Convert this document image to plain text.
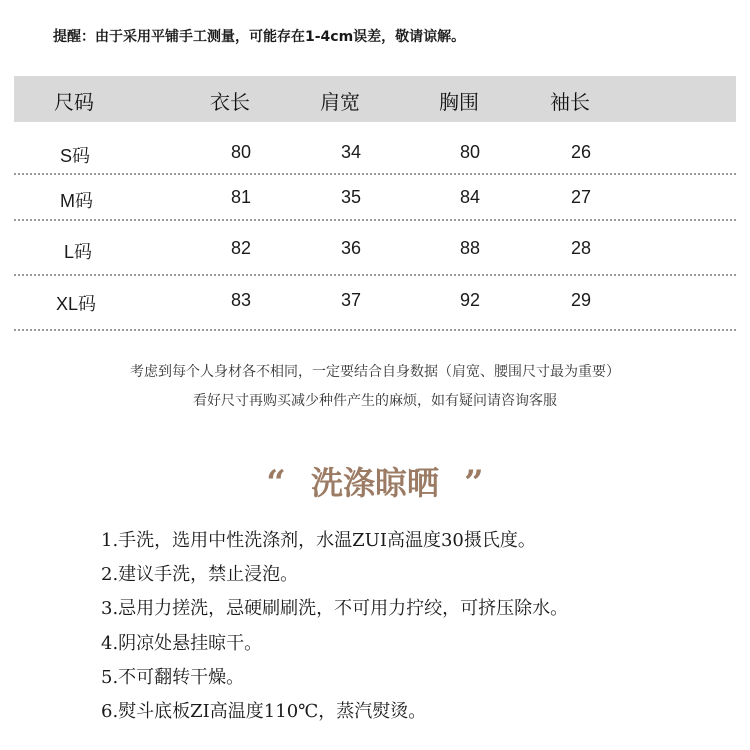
提醒：由于采用平铺手工测量，可能存在1-4cm误差，敬请谅解。
尺码	衣长	肩宽	胸围	袖长
S码	80	34	80	26
M码	81	35	84	27
L码	82	36	88	28
XL码	83	37	92	29
考虑到每个人身材各不相同，一定要结合自身数据（肩宽、腰围尺寸最为重要）
看好尺寸再购买减少种件产生的麻烦，如有疑问请咨询客服
“ 洗涤晾晒 ”
1.手洗，选用中性洗涤剂，水温ZUI高温度30摄氏度。
2.建议手洗，禁止浸泡。
3.忌用力搓洗，忌硬刷刷洗，不可用力拧绞，可挤压除水。
4.阴凉处悬挂晾干。
5.不可翻转干燥。
6.熨斗底板ZI高温度110℃，蒸汽熨烫。
